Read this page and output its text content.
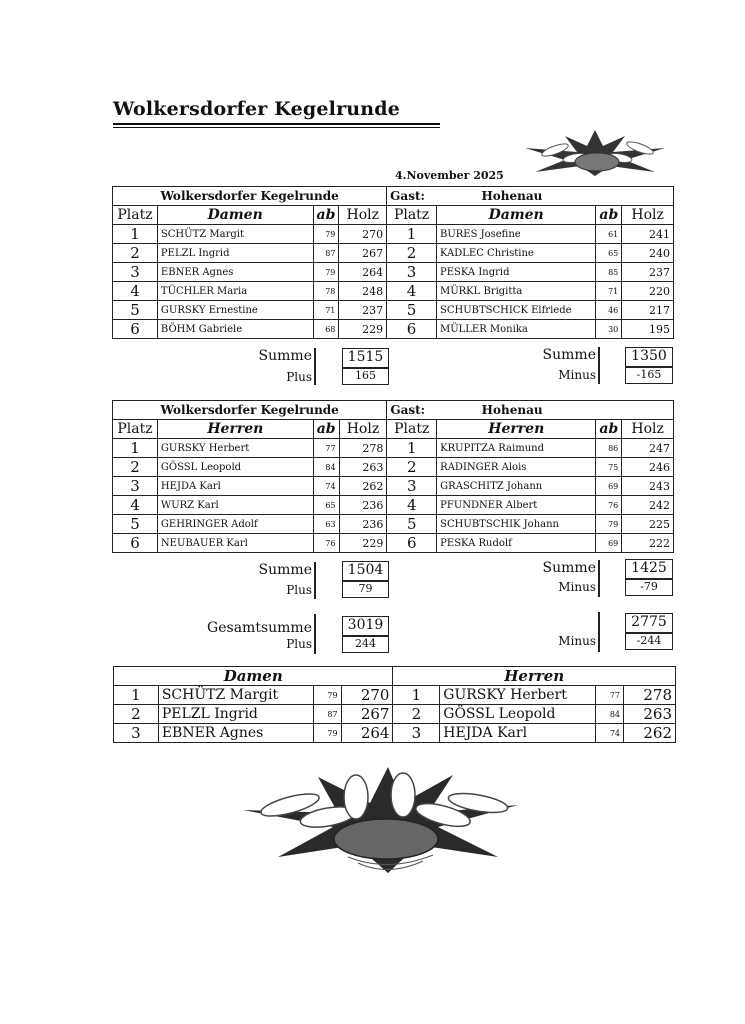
Wolkersdorfer Kegelrunde
4.November 2025
Wolkersdorfer Kegelrunde				Gast:	Hohenau		
Platz	Damen	ab	Holz	Platz	Damen	ab	Holz
1	SCHÜTZ Margit	79	270	1	BURES Josefine	61	241
2	PELZL Ingrid	87	267	2	KADLEC Christine	65	240
3	EBNER Agnes	79	264	3	PESKA Ingrid	85	237
4	TÜCHLER Maria	78	248	4	MÜRKL Brigitta	71	220
5	GURSKY Ernestine	71	237	5	SCHUBTSCHICK Elfriede	46	217
6	BÖHM Gabriele	68	229	6	MÜLLER Monika	30	195
Summe	1515
Plus	165
Summe	1350
Minus	-165
Wolkersdorfer Kegelrunde				Gast:	Hohenau		
Platz	Herren	ab	Holz	Platz	Herren	ab	Holz
1	GURSKY Herbert	77	278	1	KRUPITZA Raimund	86	247
2	GÖSSL Leopold	84	263	2	RADINGER Alois	75	246
3	HEJDA Karl	74	262	3	GRASCHITZ Johann	69	243
4	WURZ Karl	65	236	4	PFUNDNER Albert	76	242
5	GEHRINGER Adolf	63	236	5	SCHUBTSCHIK Johann	79	225
6	NEUBAUER Karl	76	229	6	PESKA Rudolf	69	222
Summe	1504
Plus	79
Summe	1425
Minus	-79
Gesamtsumme	3019
Plus	244
2775
Minus	-244
Damen				Herren			
1	SCHÜTZ Margit	79	270	1	GURSKY Herbert	77	278
2	PELZL Ingrid	87	267	2	GÖSSL Leopold	84	263
3	EBNER Agnes	79	264	3	HEJDA Karl	74	262
